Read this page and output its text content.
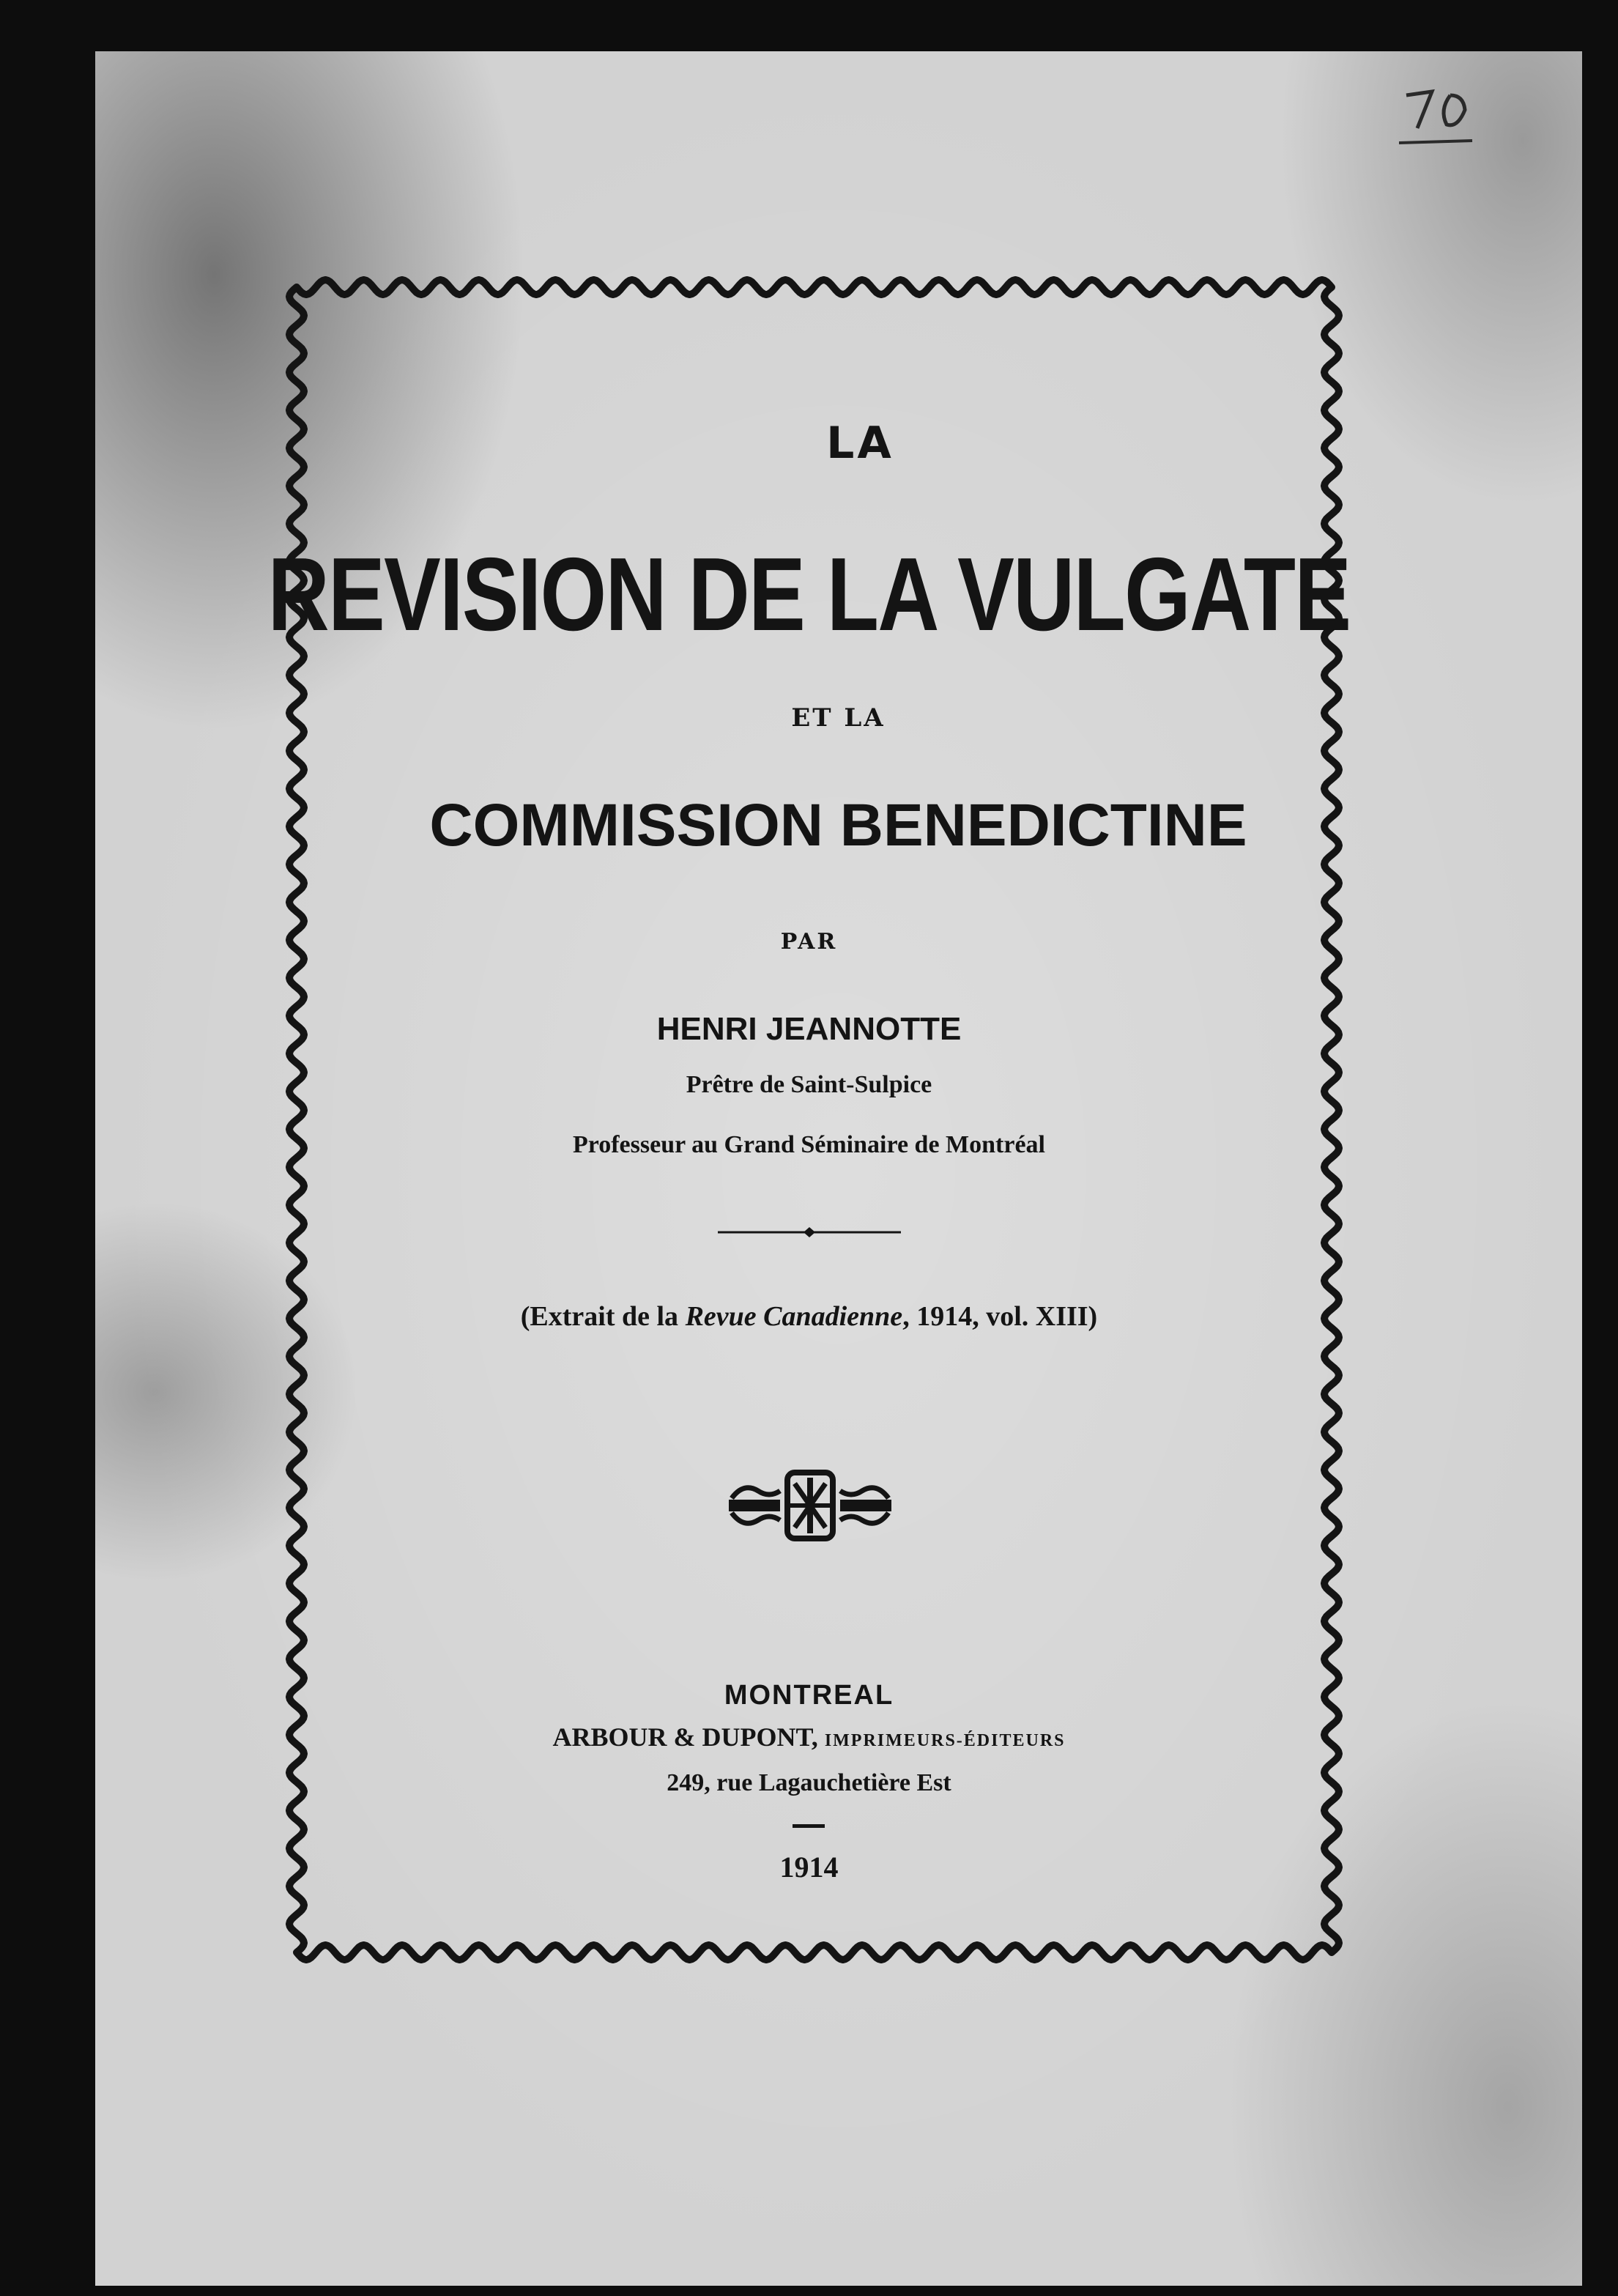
LA
REVISION DE LA VULGATE
ET LA
COMMISSION BENEDICTINE
PAR
HENRI JEANNOTTE
Prêtre de Saint-Sulpice
Professeur au Grand Séminaire de Montréal
(Extrait de la Revue Canadienne, 1914, vol. XIII)
MONTREAL
ARBOUR & DUPONT, IMPRIMEURS-ÉDITEURS
249, rue Lagauchetière Est
1914
